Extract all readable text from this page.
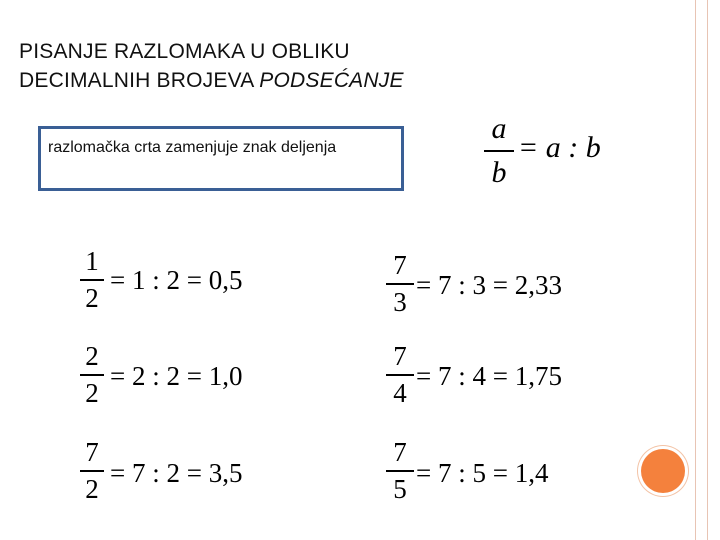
PISANJE RAZLOMAKA U OBLIKU
DECIMALNIH BROJEVA PODSEĆANJE
razlomačka crta zamenjuje znak deljenja
a
b
= a : b
1
2
= 1 : 2 = 0,5	7
3
= 7 : 3 = 2,33
2
2
= 2 : 2 = 1,0
7
4
= 7 : 4 = 1,75
7
2
= 7 : 2 = 3,5
7
5
= 7 : 5 = 1,4
